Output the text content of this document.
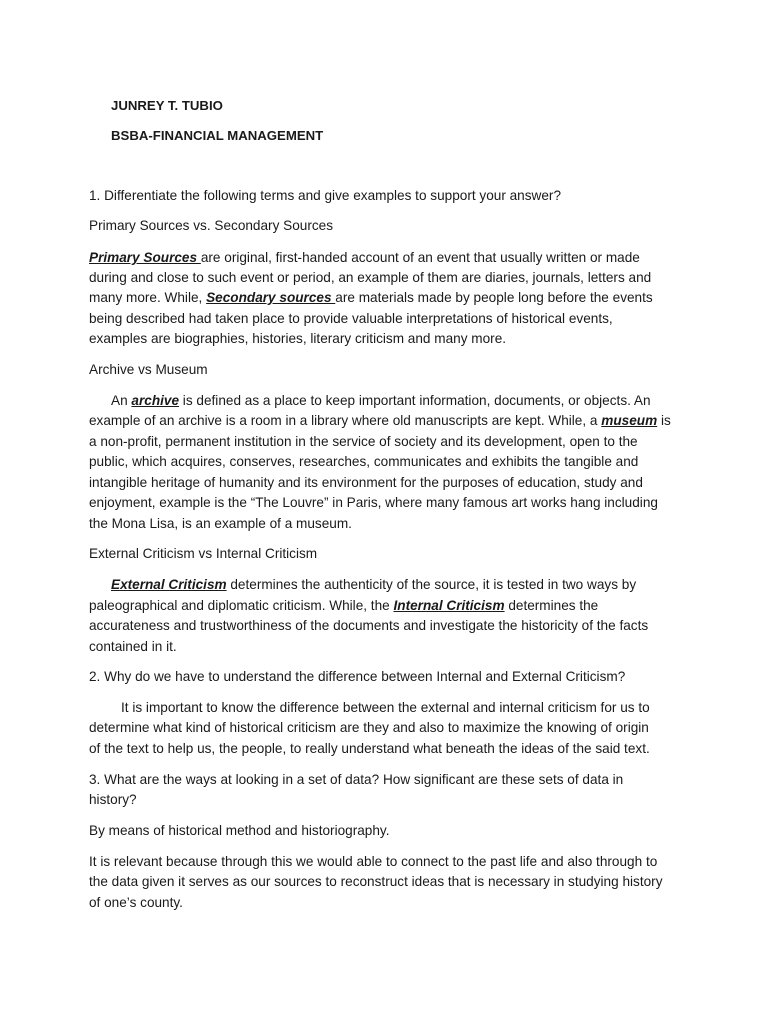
JUNREY T. TUBIO
BSBA-FINANCIAL MANAGEMENT
1. Differentiate the following terms and give examples to support your answer?
Primary Sources vs. Secondary Sources
Primary Sources are original, first-handed account of an event that usually written or made
during and close to such event or period, an example of them are diaries, journals, letters and
many more. While, Secondary sources are materials made by people long before the events
being described had taken place to provide valuable interpretations of historical events,
examples are biographies, histories, literary criticism and many more.
Archive vs Museum
An archive is defined as a place to keep important information, documents, or objects. An
example of an archive is a room in a library where old manuscripts are kept. While, a museum is
a non-profit, permanent institution in the service of society and its development, open to the
public, which acquires, conserves, researches, communicates and exhibits the tangible and
intangible heritage of humanity and its environment for the purposes of education, study and
enjoyment, example is the “The Louvre” in Paris, where many famous art works hang including
the Mona Lisa, is an example of a museum.
External Criticism vs Internal Criticism
External Criticism determines the authenticity of the source, it is tested in two ways by
paleographical and diplomatic criticism. While, the Internal Criticism determines the
accurateness and trustworthiness of the documents and investigate the historicity of the facts
contained in it.
2. Why do we have to understand the difference between Internal and External Criticism?
It is important to know the difference between the external and internal criticism for us to
determine what kind of historical criticism are they and also to maximize the knowing of origin
of the text to help us, the people, to really understand what beneath the ideas of the said text.
3. What are the ways at looking in a set of data? How significant are these sets of data in
history?
By means of historical method and historiography.
It is relevant because through this we would able to connect to the past life and also through to
the data given it serves as our sources to reconstruct ideas that is necessary in studying history
of one’s county.
